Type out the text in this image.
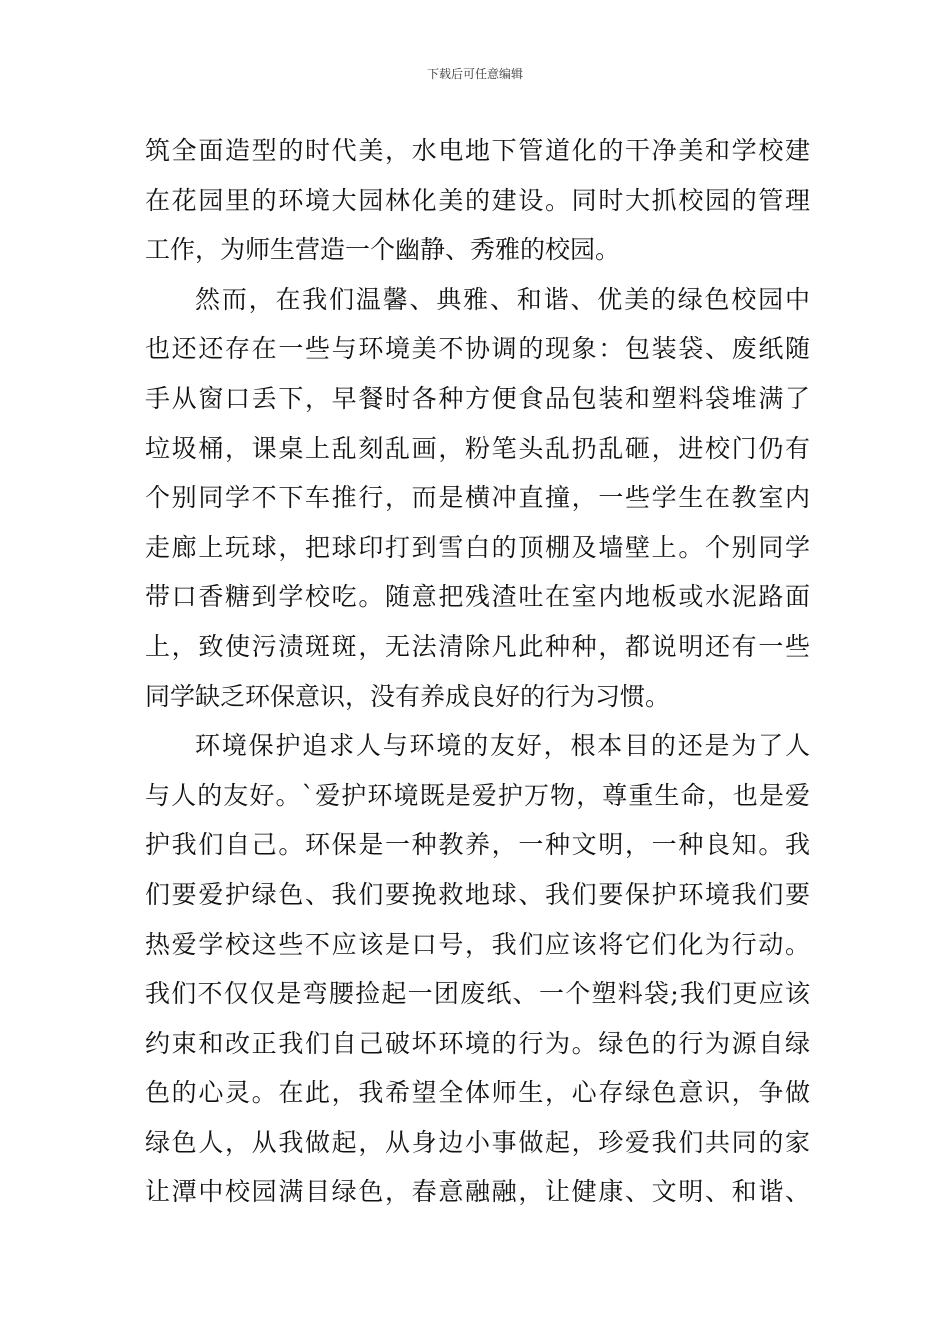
下载后可任意编辑
筑全面造型的时代美，水电地下管道化的干净美和学校建
在花园里的环境大园林化美的建设。同时大抓校园的管理
工作，为师生营造一个幽静、秀雅的校园。
然而，在我们温馨、典雅、和谐、优美的绿色校园中
也还还存在一些与环境美不协调的现象：包装袋、废纸随
手从窗口丢下，早餐时各种方便食品包装和塑料袋堆满了
垃圾桶，课桌上乱刻乱画，粉笔头乱扔乱砸，进校门仍有
个别同学不下车推行，而是横冲直撞，一些学生在教室内
走廊上玩球，把球印打到雪白的顶棚及墙壁上。个别同学
带口香糖到学校吃。随意把残渣吐在室内地板或水泥路面
上，致使污渍斑斑，无法清除凡此种种，都说明还有一些
同学缺乏环保意识，没有养成良好的行为习惯。
环境保护追求人与环境的友好，根本目的还是为了人
与人的友好。`爱护环境既是爱护万物，尊重生命，也是爱
护我们自己。环保是一种教养，一种文明，一种良知。我
们要爱护绿色、我们要挽救地球、我们要保护环境我们要
热爱学校这些不应该是口号，我们应该将它们化为行动。
我们不仅仅是弯腰捡起一团废纸、一个塑料袋;我们更应该
约束和改正我们自己破坏环境的行为。绿色的行为源自绿
色的心灵。在此，我希望全体师生，心存绿色意识，争做
绿色人，从我做起，从身边小事做起，珍爱我们共同的家
让潭中校园满目绿色，春意融融，让健康、文明、和谐、
